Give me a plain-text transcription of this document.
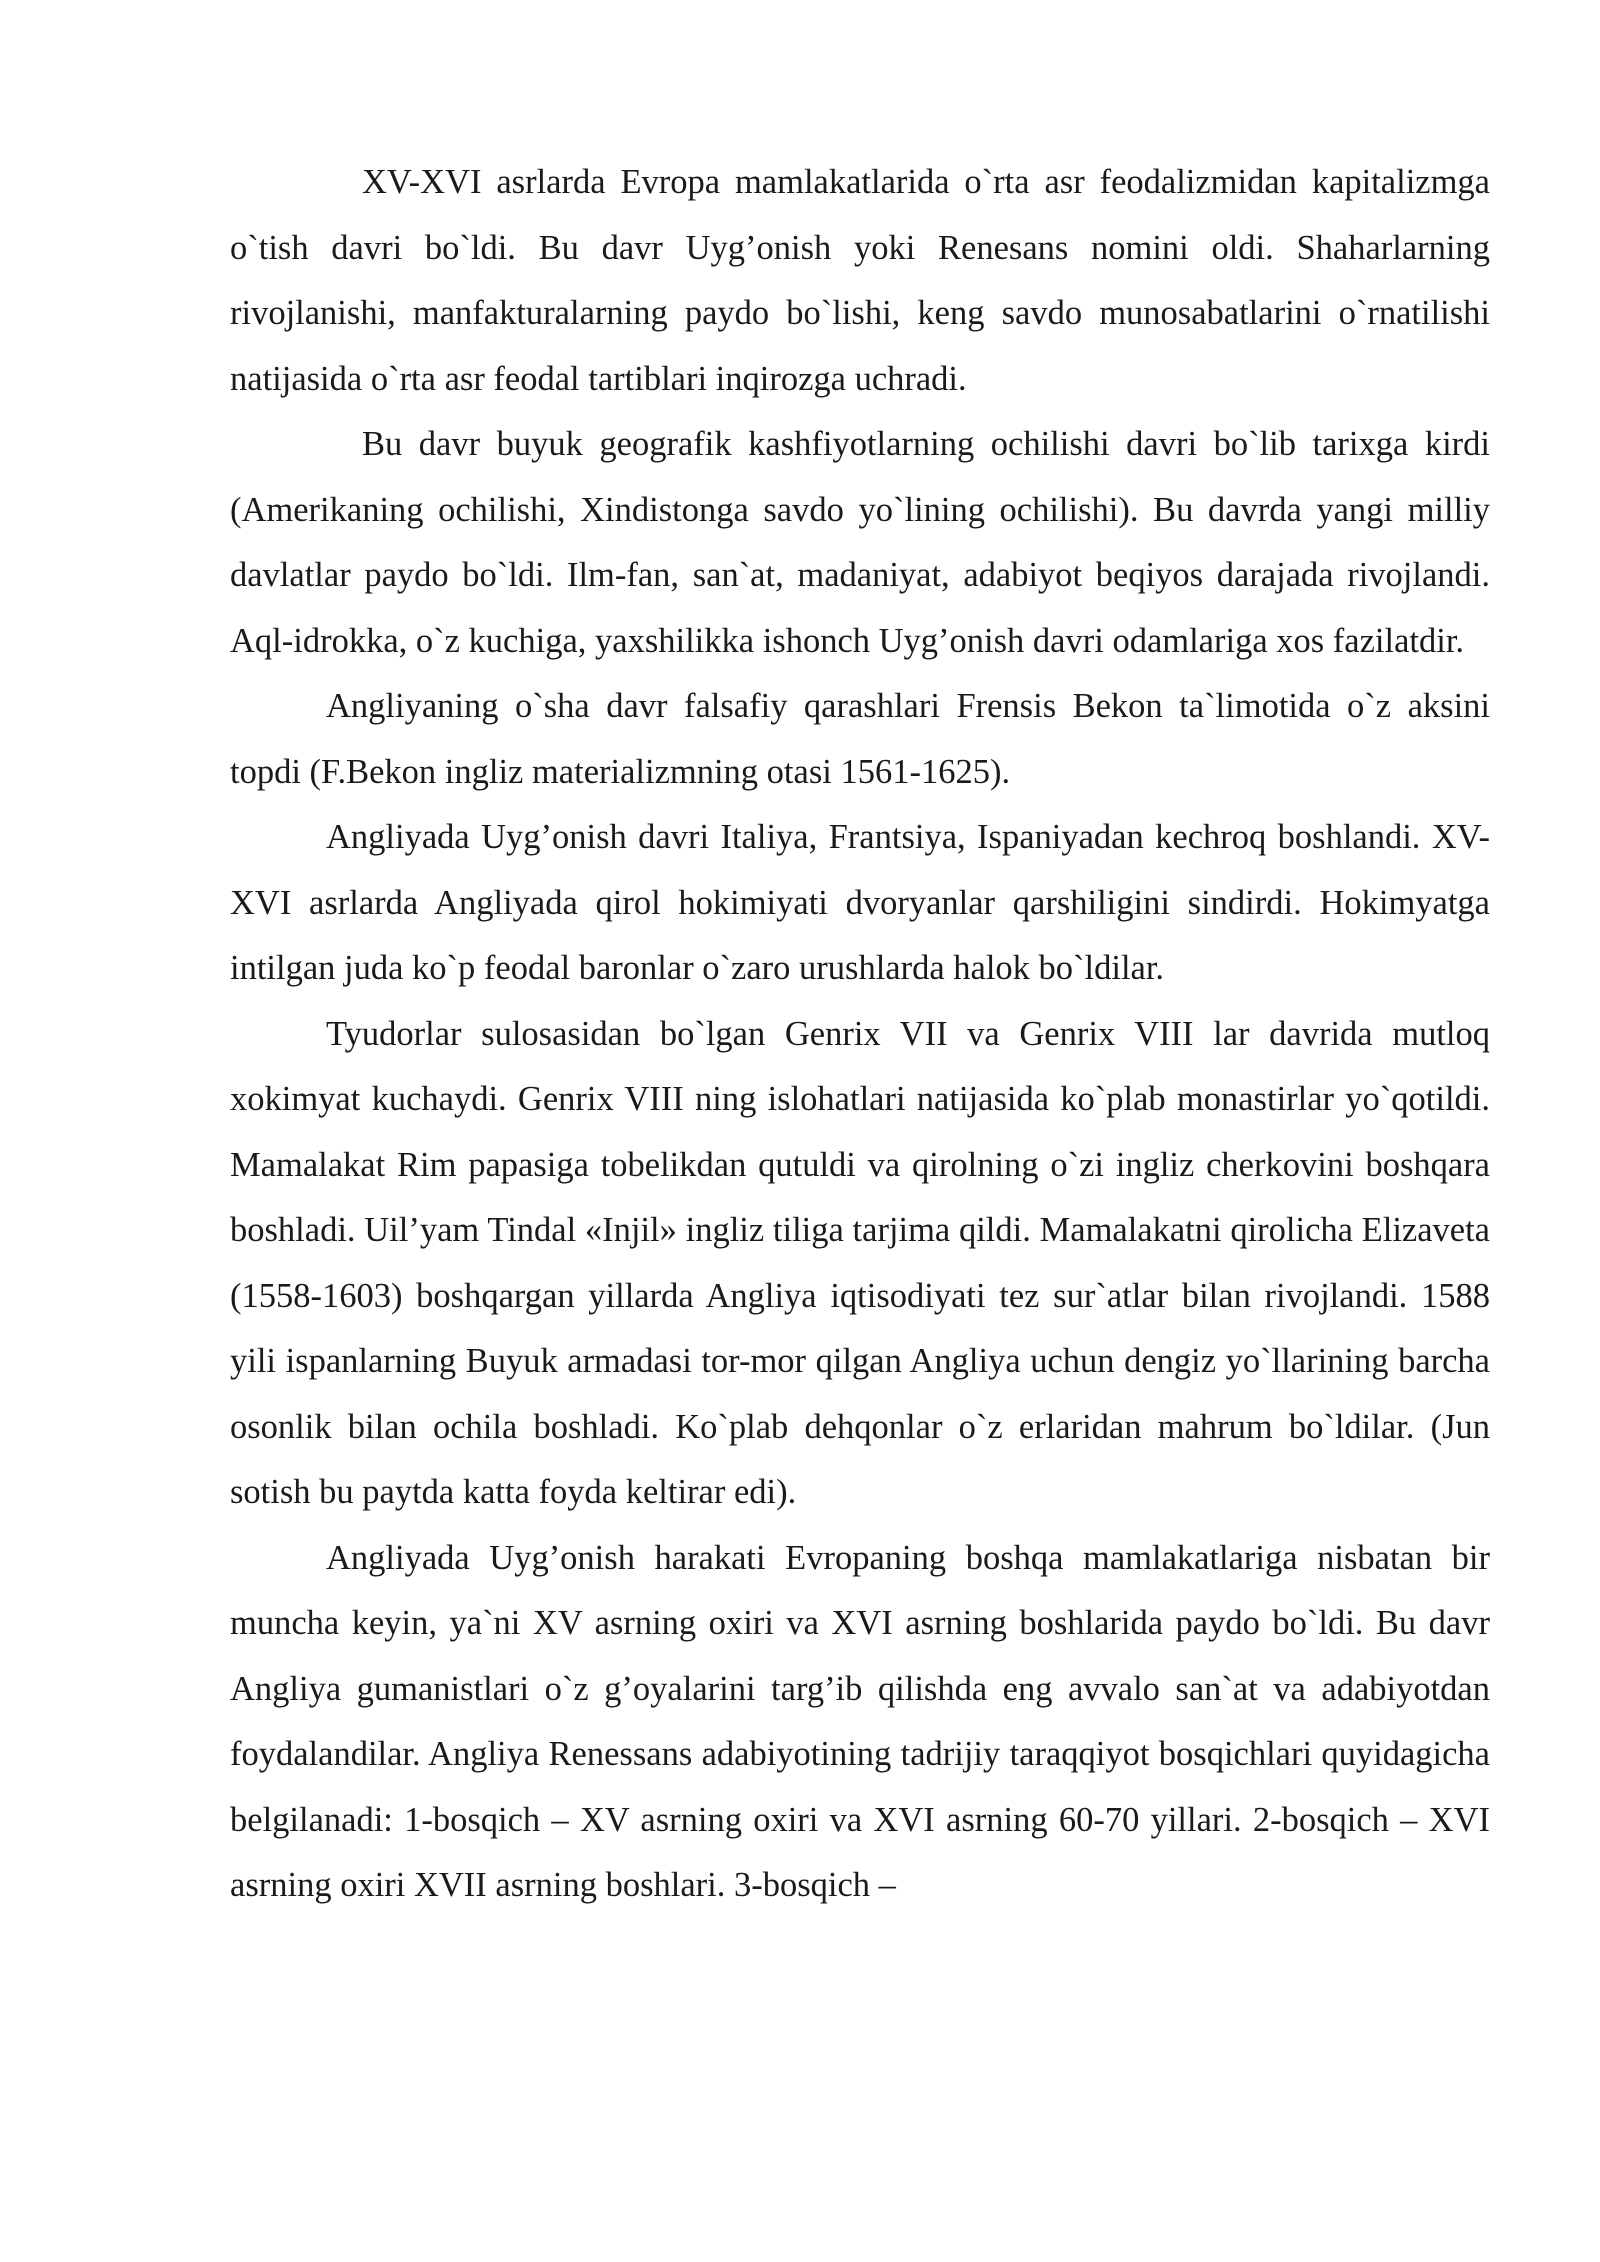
XV-XVI asrlarda Evropa mamlakatlarida o`rta asr feodalizmidan kapitalizmga o`tish davri bo`ldi. Bu davr Uyg’onish yoki Renesans nomini oldi. Shaharlarning rivojlanishi, manfakturalarning paydo bo`lishi, keng savdo munosabatlarini o`rnatilishi natijasida o`rta asr feodal tartiblari inqirozga uchradi.

Bu davr buyuk geografik kashfiyotlarning ochilishi davri bo`lib tarixga kirdi (Amerikaning ochilishi, Xindistonga savdo yo`lining ochilishi). Bu davrda yangi milliy davlatlar paydo bo`ldi. Ilm-fan, san`at, madaniyat, adabiyot beqiyos darajada rivojlandi. Aql-idrokka, o`z kuchiga, yaxshilikka ishonch Uyg’onish davri odamlariga xos fazilatdir.

Angliyaning o`sha davr falsafiy qarashlari Frensis Bekon ta`limotida o`z aksini topdi (F.Bekon ingliz materializmning otasi 1561-1625).

Angliyada Uyg’onish davri Italiya, Frantsiya, Ispaniyadan kechroq boshlandi. XV-XVI asrlarda Angliyada qirol hokimiyati dvoryanlar qarshiligini sindirdi. Hokimyatga intilgan juda ko`p feodal baronlar o`zaro urushlarda halok bo`ldilar.

Tyudorlar sulosasidan bo`lgan Genrix VII va Genrix VIII lar davrida mutloq xokimyat kuchaydi. Genrix VIII ning islohatlari natijasida ko`plab monastirlar yo`qotildi. Mamalakat Rim papasiga tobelikdan qutuldi va qirolning o`zi ingliz cherkovini boshqara boshladi. Uil’yam Tindal «Injil» ingliz tiliga tarjima qildi. Mamalakatni qirolicha Elizaveta (1558-1603) boshqargan yillarda Angliya iqtisodiyati tez sur`atlar bilan rivojlandi. 1588 yili ispanlarning Buyuk armadasi tor-mor qilgan Angliya uchun dengiz yo`llarining barcha osonlik bilan ochila boshladi. Ko`plab dehqonlar o`z erlaridan mahrum bo`ldilar. (Jun sotish bu paytda katta foyda keltirar edi).

Angliyada Uyg’onish harakati Evropaning boshqa mamlakatlariga nisbatan bir muncha keyin, ya`ni XV asrning oxiri va XVI asrning boshlarida paydo bo`ldi. Bu davr Angliya gumanistlari o`z g’oyalarini targ’ib qilishda eng avvalo san`at va adabiyotdan foydalandilar. Angliya Renessans adabiyotining tadrijiy taraqqiyot bosqichlari quyidagicha belgilanadi: 1-bosqich – XV asrning oxiri va XVI asrning 60-70 yillari. 2-bosqich – XVI asrning oxiri XVII asrning boshlari. 3-bosqich –
